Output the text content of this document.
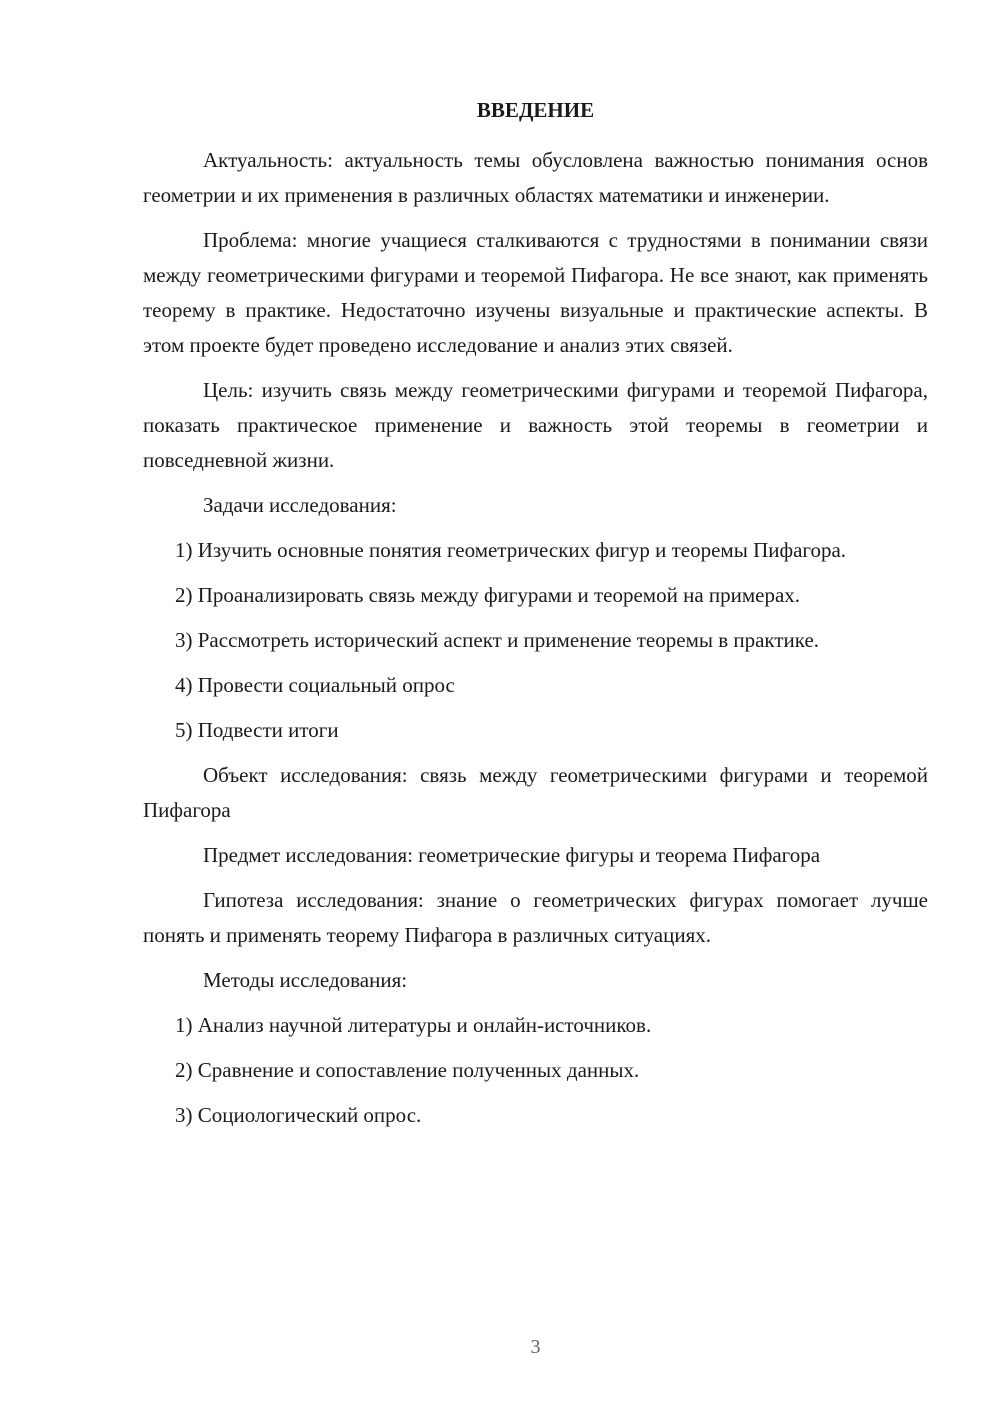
ВВЕДЕНИЕ

Актуальность: актуальность темы обусловлена важностью понимания основ геометрии и их применения в различных областях математики и инженерии.

Проблема: многие учащиеся сталкиваются с трудностями в понимании связи между геометрическими фигурами и теоремой Пифагора. Не все знают, как применять теорему в практике. Недостаточно изучены визуальные и практические аспекты. В этом проекте будет проведено исследование и анализ этих связей.

Цель: изучить связь между геометрическими фигурами и теоремой Пифагора, показать практическое применение и важность этой теоремы в геометрии и повседневной жизни.

Задачи исследования:

1) Изучить основные понятия геометрических фигур и теоремы Пифагора.

2) Проанализировать связь между фигурами и теоремой на примерах.

3) Рассмотреть исторический аспект и применение теоремы в практике.

4) Провести социальный опрос

5) Подвести итоги

Объект исследования: связь между геометрическими фигурами и теоремой Пифагора

Предмет исследования: геометрические фигуры и теорема Пифагора

Гипотеза исследования: знание о геометрических фигурах помогает лучше понять и применять теорему Пифагора в различных ситуациях.

Методы исследования:

1) Анализ научной литературы и онлайн-источников.

2) Сравнение и сопоставление полученных данных.

3) Социологический опрос.

3
